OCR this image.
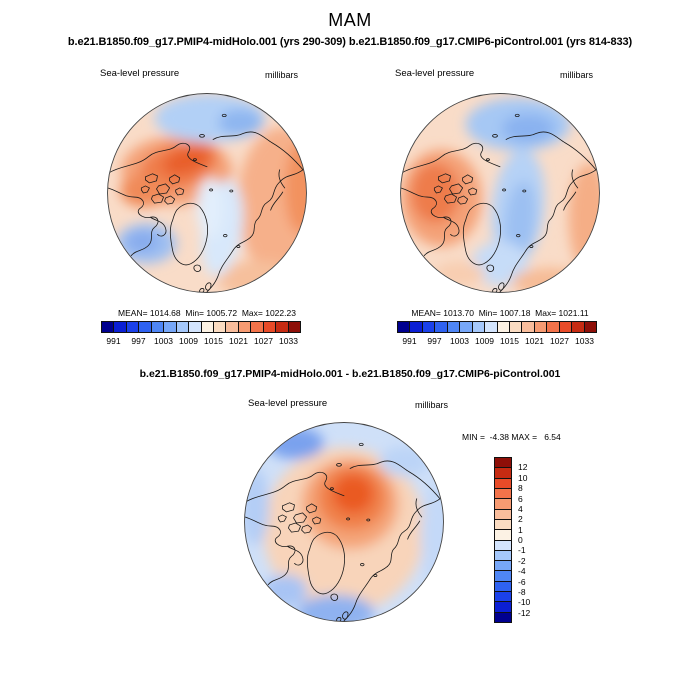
MAM
b.e21.B1850.f09_g17.PMIP4-midHolo.001 (yrs 290-309) b.e21.B1850.f09_g17.CMIP6-piControl.001 (yrs 814-833)
Sea-level pressure	millibars
MEAN= 1014.68  Min= 1005.72  Max= 1022.23
991 997 1003 1009 1015 1021 1027 1033
Sea-level pressure	millibars
MEAN= 1013.70  Min= 1007.18  Max= 1021.11
991 997 1003 1009 1015 1021 1027 1033
b.e21.B1850.f09_g17.PMIP4-midHolo.001 - b.e21.B1850.f09_g17.CMIP6-piControl.001
Sea-level pressure	millibars
MIN =  -4.38 MAX =   6.54
12
10
8
6
4
2
1
0
-1
-2
-4
-6
-8
-10
-12
